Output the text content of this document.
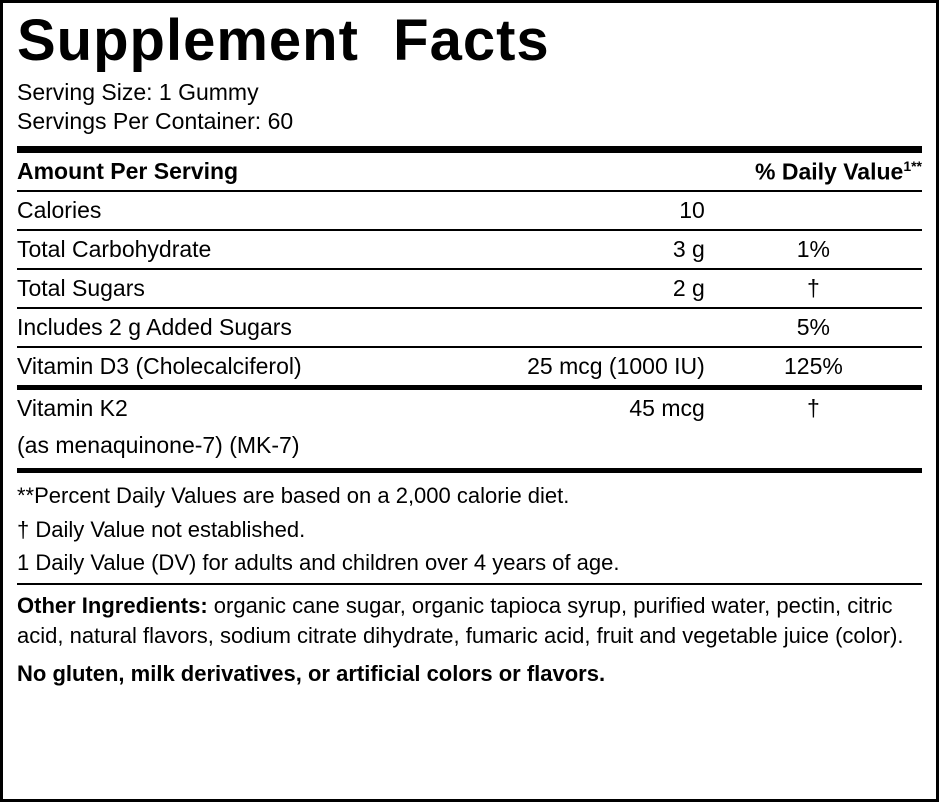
Supplement  Facts
Serving Size: 1 Gummy
Servings Per Container: 60
Amount Per Serving		% Daily Value$^{1**}$
Calories	10	
Total Carbohydrate	3 g	1%
Total Sugars	2 g	†
Includes 2 g Added Sugars		5%
Vitamin D3 (Cholecalciferol)	25 mcg (1000 IU)	125%
Vitamin K2	45 mcg	†
(as menaquinone-7) (MK-7)
**Percent Daily Values are based on a 2,000 calorie diet.
† Daily Value not established.
1 Daily Value (DV) for adults and children over 4 years of age.
Other Ingredients: organic cane sugar, organic tapioca syrup, purified water, pectin, citric acid, natural flavors, sodium citrate dihydrate, fumaric acid, fruit and vegetable juice (color).
No gluten, milk derivatives, or artificial colors or flavors.
